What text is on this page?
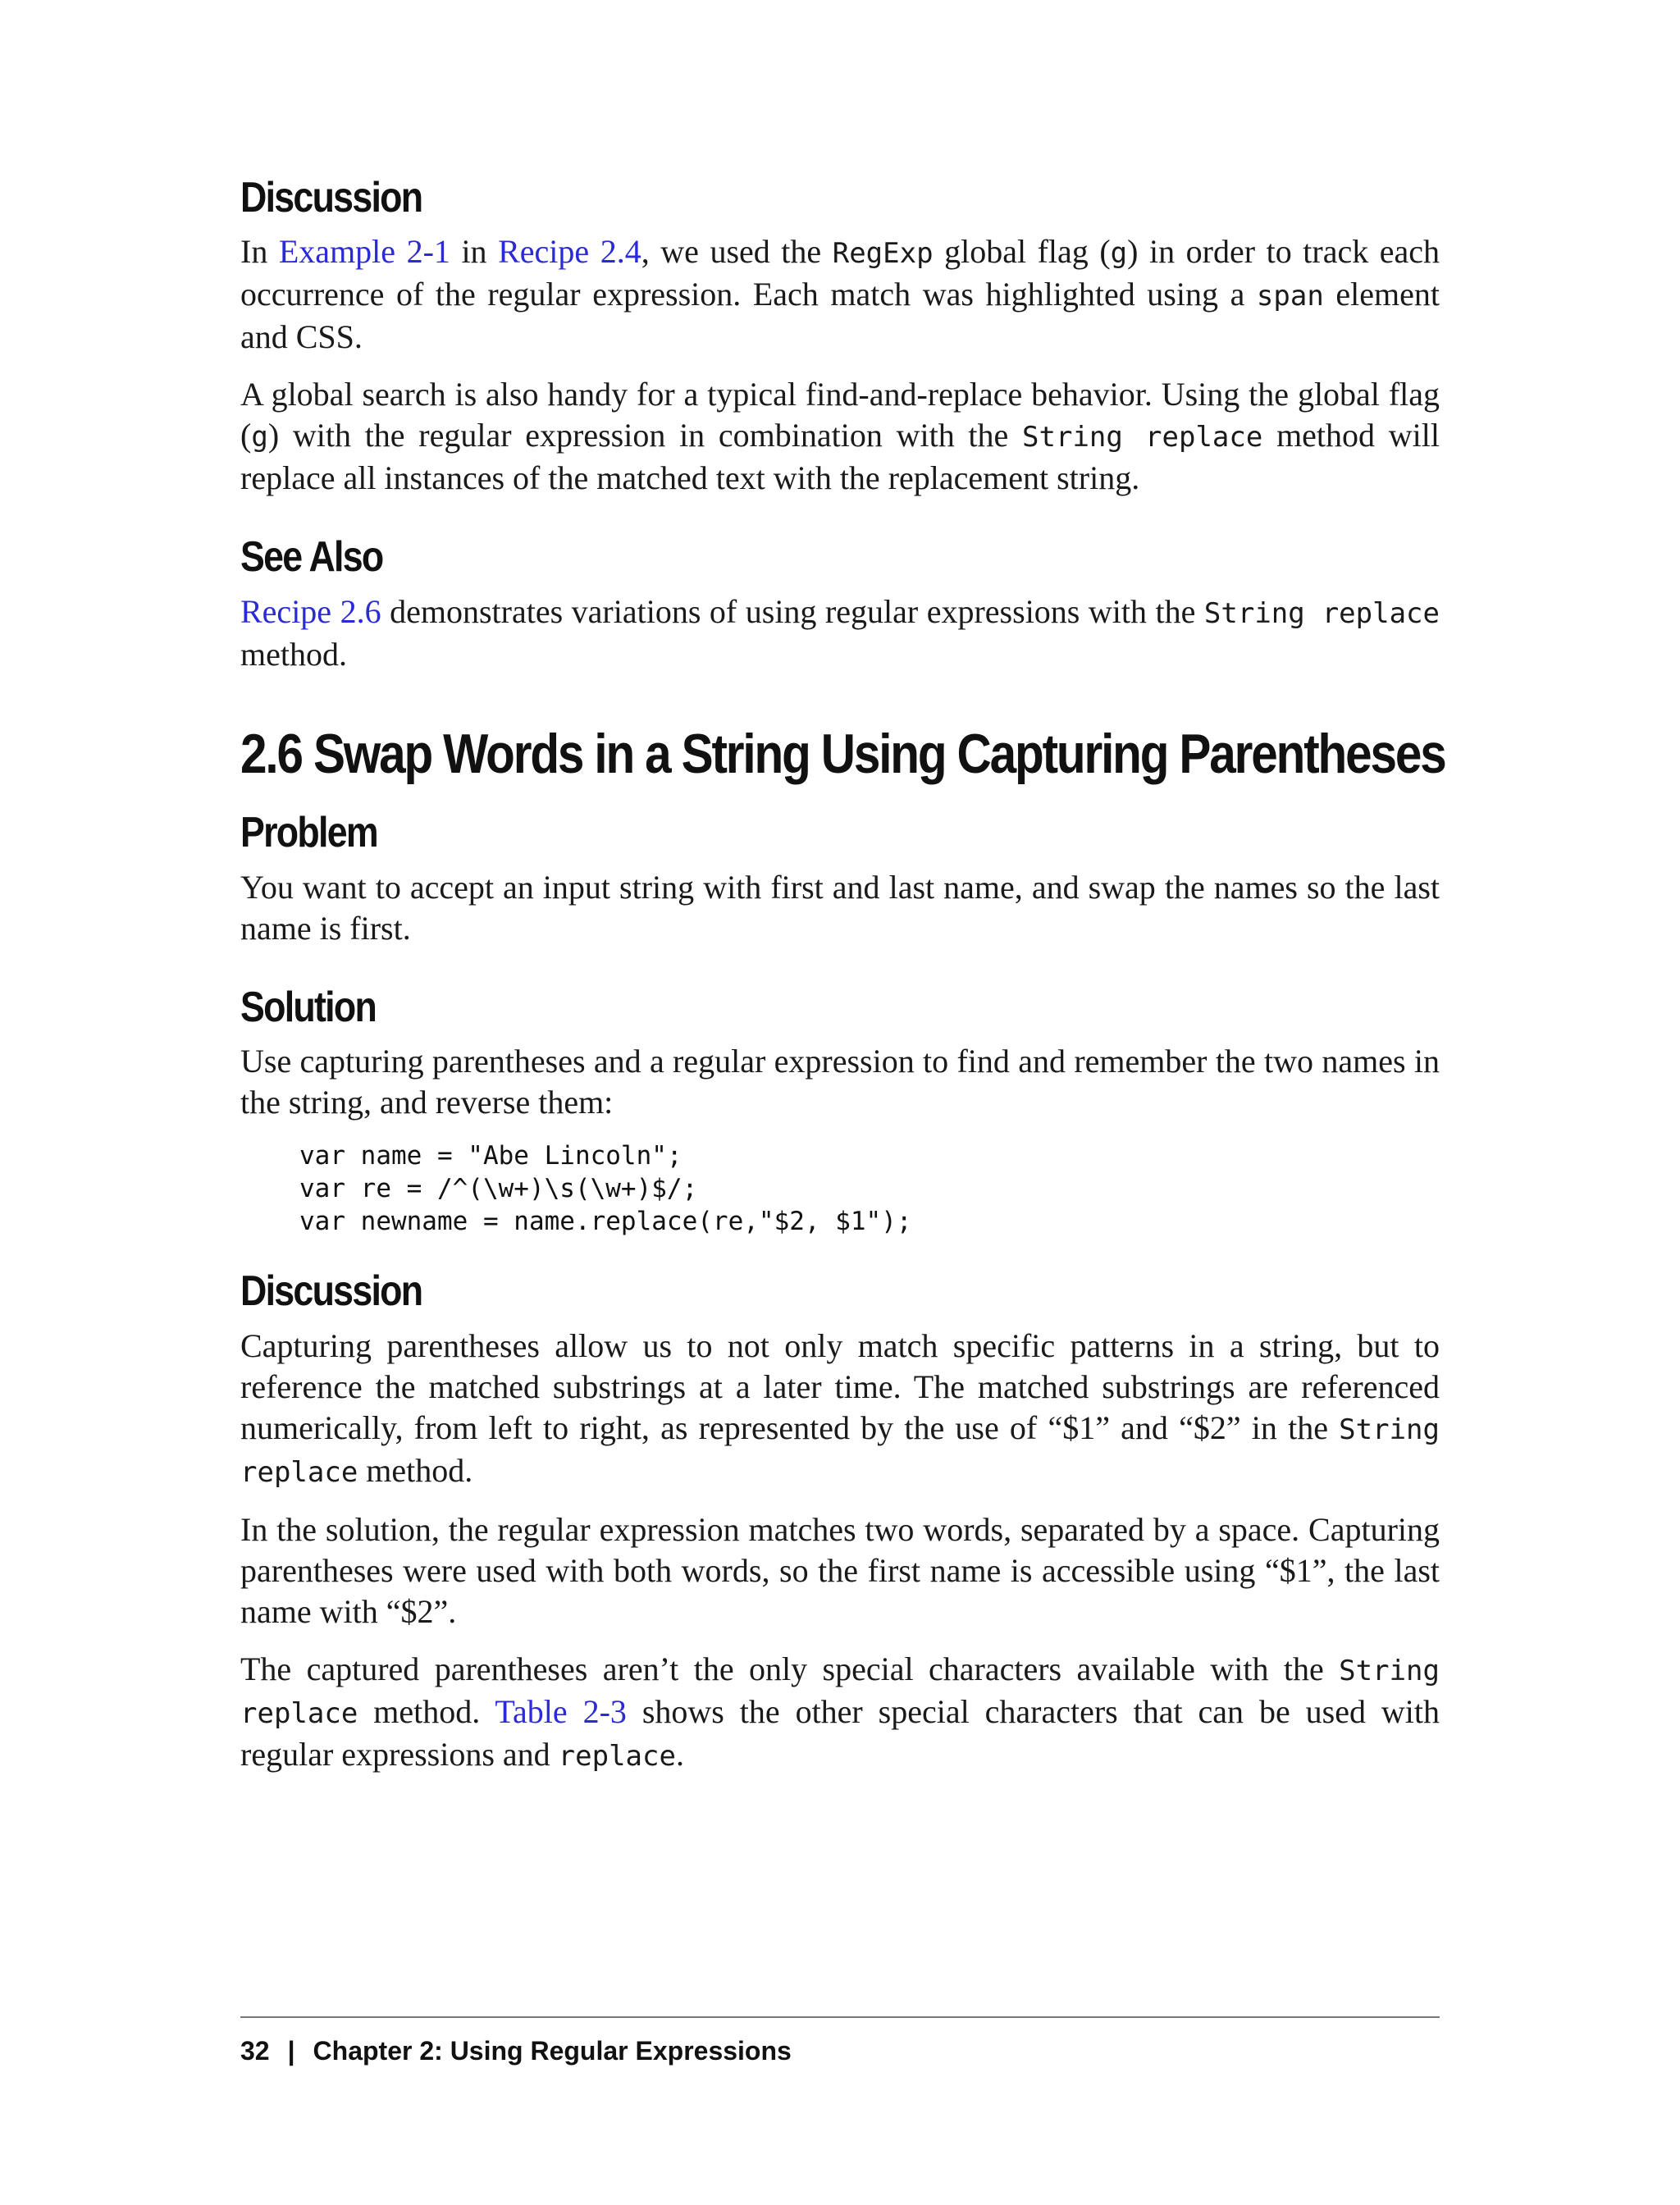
Discussion

In Example 2-1 in Recipe 2.4, we used the RegExp global flag (g) in order to track each occurrence of the regular expression. Each match was highlighted using a span element and CSS.

A global search is also handy for a typical find-and-replace behavior. Using the global flag (g) with the regular expression in combination with the String replace method will replace all instances of the matched text with the replacement string.

See Also

Recipe 2.6 demonstrates variations of using regular expressions with the String replace method.

2.6 Swap Words in a String Using Capturing Parentheses
Problem

You want to accept an input string with first and last name, and swap the names so the last name is first.

Solution

Use capturing parentheses and a regular expression to find and remember the two names in the string, and reverse them:

var name = "Abe Lincoln";
var re = /^(\w+)\s(\w+)$/;
var newname = name.replace(re,"$2, $1");
Discussion

Capturing parentheses allow us to not only match specific patterns in a string, but to reference the matched substrings at a later time. The matched substrings are referenced numerically, from left to right, as represented by the use of “$1” and “$2” in the String replace method.

In the solution, the regular expression matches two words, separated by a space. Capturing parentheses were used with both words, so the first name is accessible using “$1”, the last name with “$2”.

The captured parentheses aren’t the only special characters available with the String replace method. Table 2-3 shows the other special characters that can be used with regular expressions and replace.

32 | Chapter 2: Using Regular Expressions
